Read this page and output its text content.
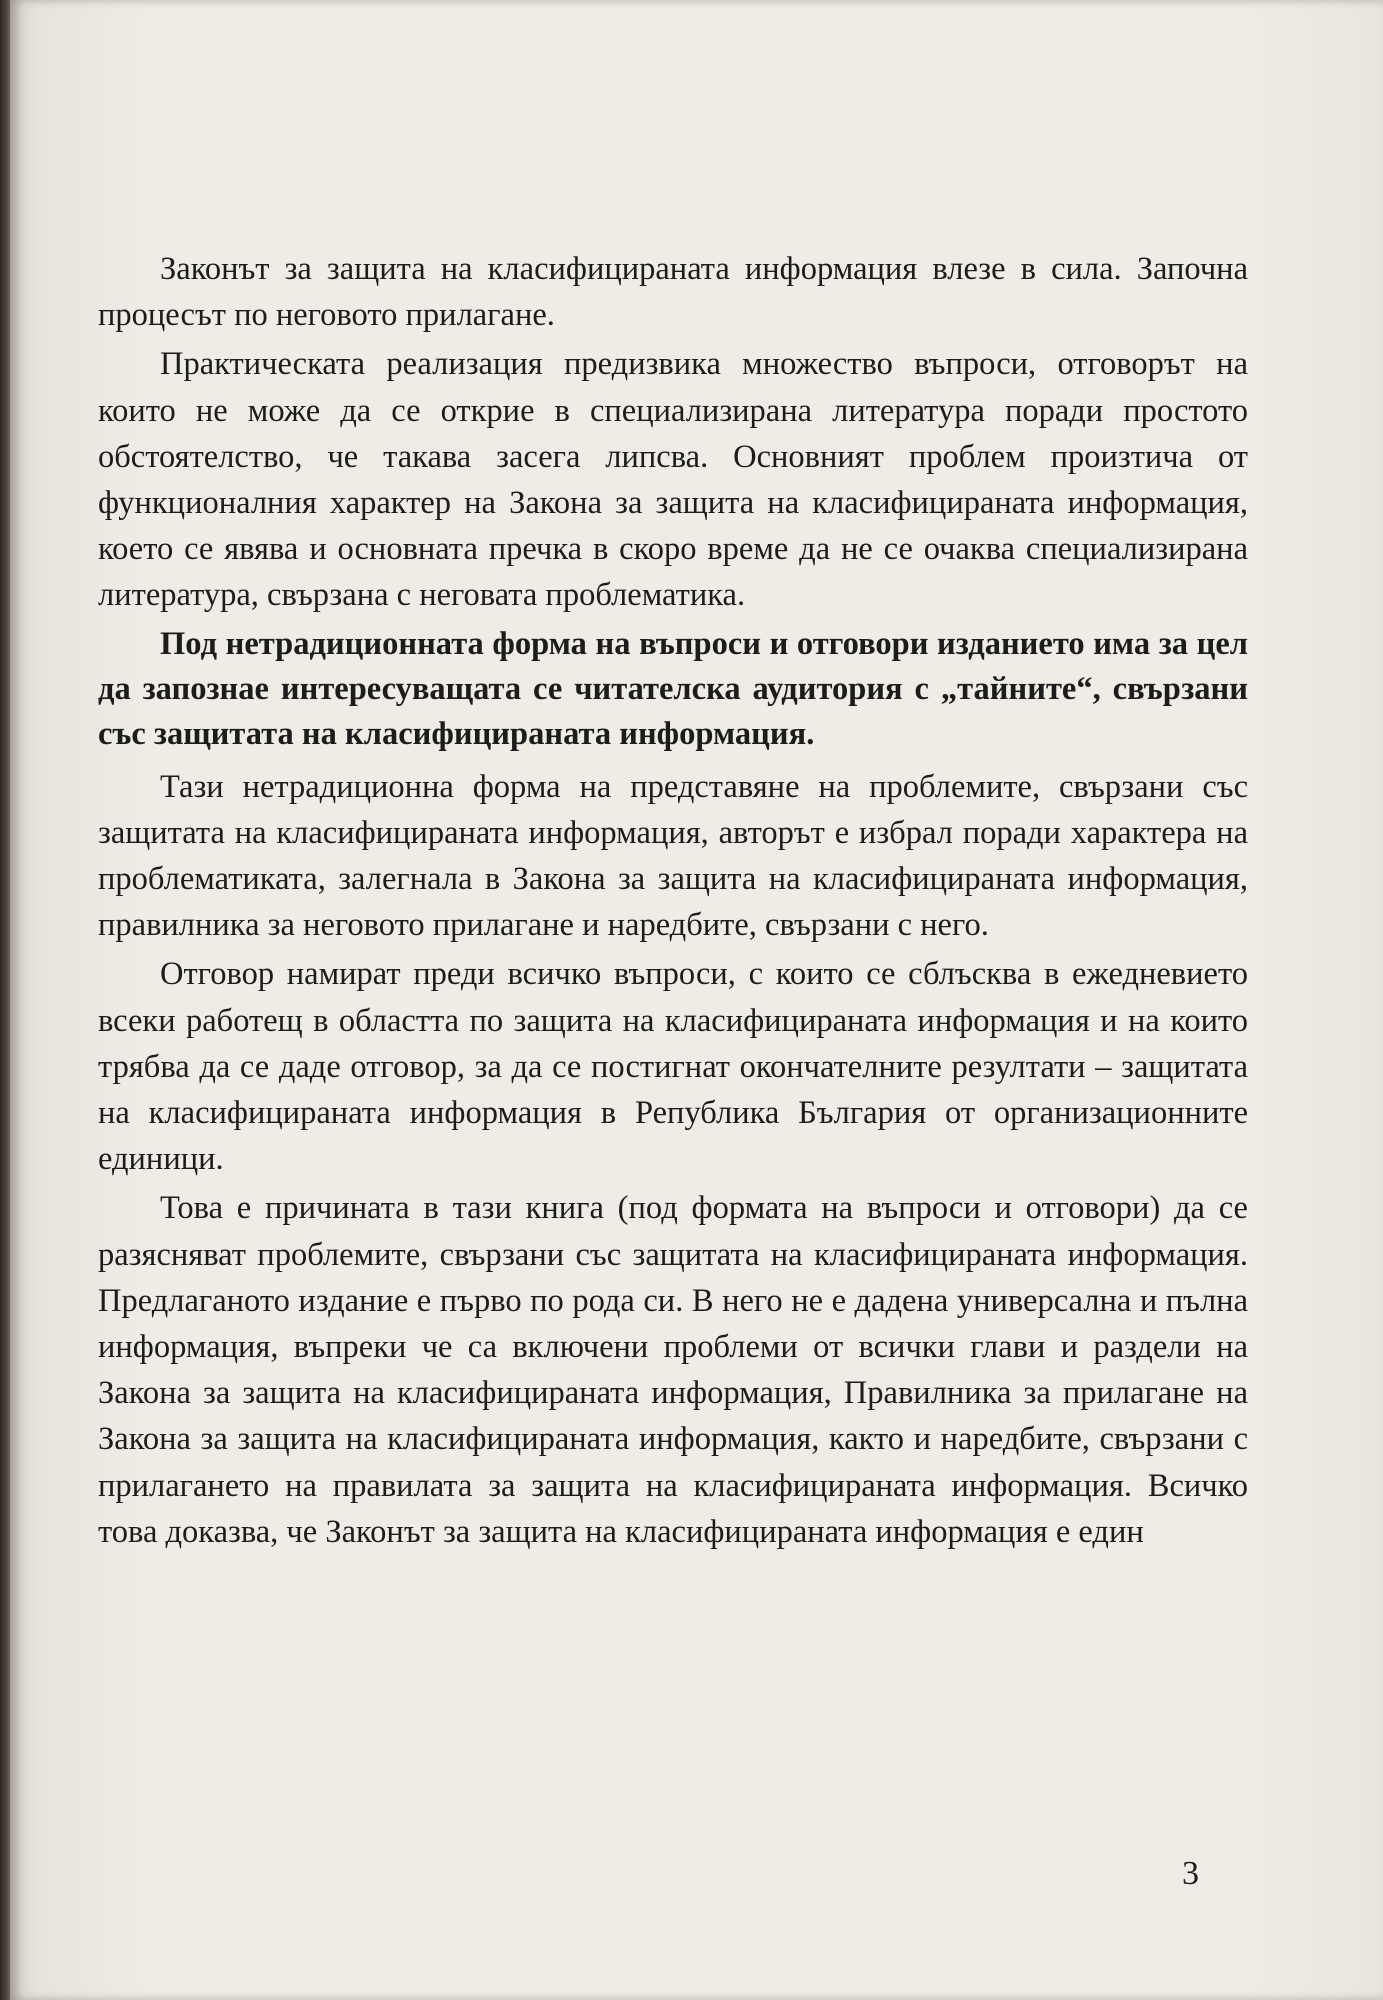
Законът за защита на класифицираната информация влезе в сила. Започна процесът по неговото прилагане.

Практическата реализация предизвика множество въпроси, отговорът на които не може да се открие в специализирана литература поради простото обстоятелство, че такава засега липсва. Основният проблем произтича от функционалния характер на Закона за защита на класифицираната информация, което се явява и основната пречка в скоро време да не се очаква специализирана литература, свързана с неговата проблематика.

Под нетрадиционната форма на въпроси и отговори изданието има за цел да запознае интересуващата се читателска аудитория с „тайните“, свързани със защитата на класифицираната информация.

Тази нетрадиционна форма на представяне на проблемите, свързани със защитата на класифицираната информация, авторът е избрал поради характера на проблематиката, залегнала в Закона за защита на класифицираната информация, правилника за неговото прилагане и наредбите, свързани с него.

Отговор намират преди всичко въпроси, с които се сблъсква в ежедневието всеки работещ в областта по защита на класифицираната информация и на които трябва да се даде отговор, за да се постигнат окончателните резултати – защитата на класифицираната информация в Република България от организационните единици.

Това е причината в тази книга (под формата на въпроси и отговори) да се разясняват проблемите, свързани със защитата на класифицираната информация. Предлаганото издание е първо по рода си. В него не е дадена универсална и пълна информация, въпреки че са включени проблеми от всички глави и раздели на Закона за защита на класифицираната информация, Правилника за прилагане на Закона за защита на класифицираната информация, както и наредбите, свързани с прилагането на правилата за защита на класифицираната информация. Всичко това доказва, че Законът за защита на класифицираната информация е един

3
